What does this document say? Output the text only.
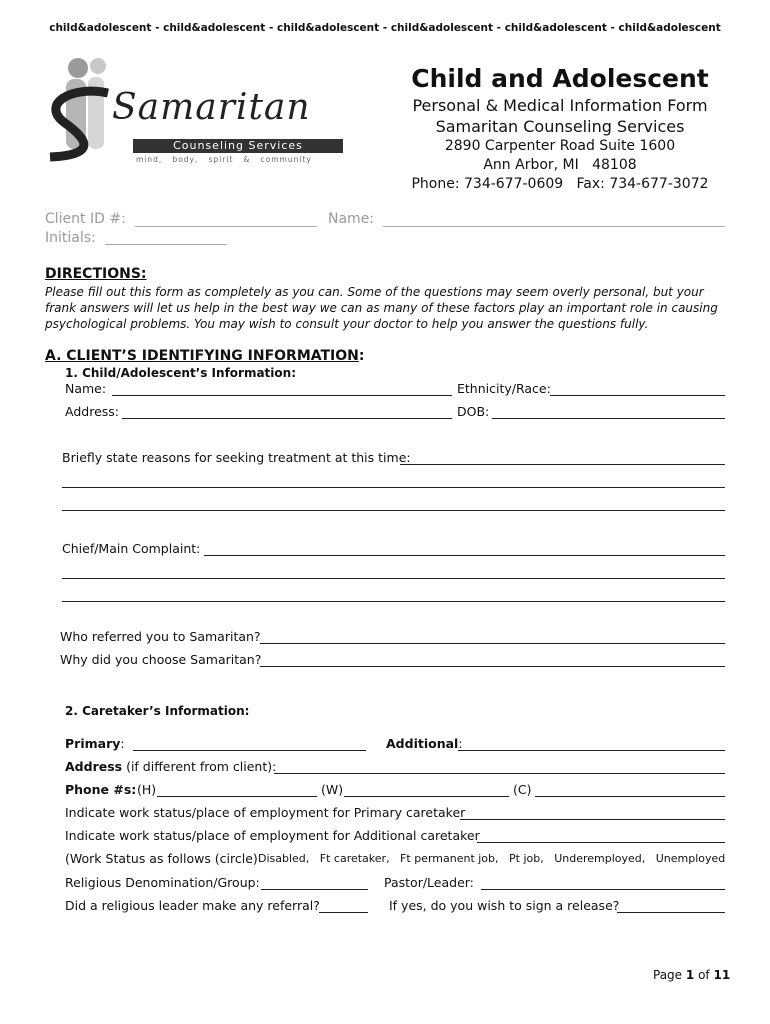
child&adolescent - child&adolescent - child&adolescent - child&adolescent - child&adolescent - child&adolescent
Samaritan
Counseling Services
mind,   body,   spirit   &   community
Child and Adolescent
Personal & Medical Information Form
Samaritan Counseling Services
2890 Carpenter Road Suite 1600
Ann Arbor, MI   48108
Phone: 734-677-0609   Fax: 734-677-3072
Client ID #:	Name:
Initials:
DIRECTIONS:
Please fill out this form as completely as you can. Some of the questions may seem overly personal, but your frank answers will let us help in the best way we can as many of these factors play an important role in causing psychological problems. You may wish to consult your doctor to help you answer the questions fully.
A. CLIENT’S IDENTIFYING INFORMATION:
1. Child/Adolescent’s Information:
Name:	Ethnicity/Race:
Address:	DOB:
Briefly state reasons for seeking treatment at this time:
Chief/Main Complaint:
Who referred you to Samaritan?
Why did you choose Samaritan?
2. Caretaker’s Information:
Primary:	Additional:
Address (if different from client):
Phone #s: (H)	(W)	(C)
Indicate work status/place of employment for Primary caretaker
Indicate work status/place of employment for Additional caretaker
(Work Status as follows (circle) Disabled,   Ft caretaker,   Ft permanent job,   Pt job,   Underemployed,   Unemployed
Religious Denomination/Group:	Pastor/Leader:
Did a religious leader make any referral?	If yes, do you wish to sign a release?
Page 1 of 11
